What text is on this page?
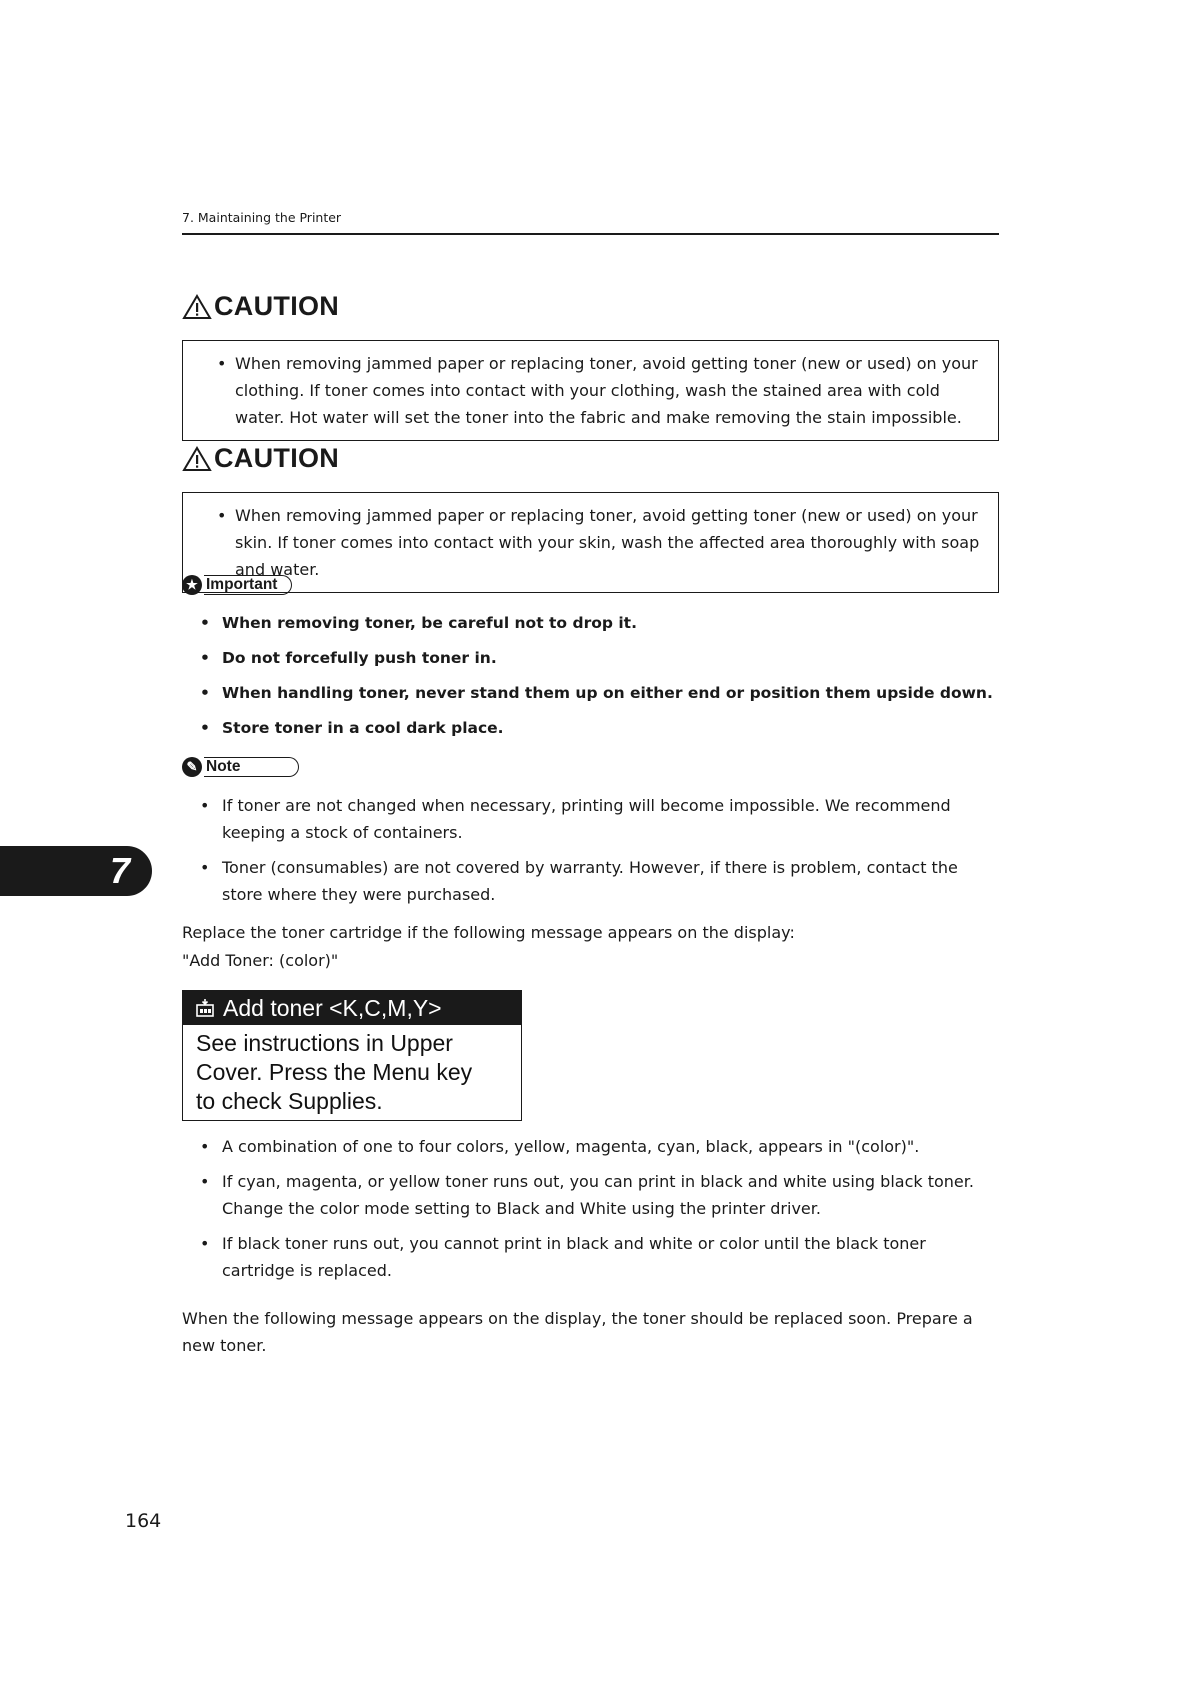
7. Maintaining the Printer
CAUTION
• When removing jammed paper or replacing toner, avoid getting toner (new or used) on your clothing. If toner comes into contact with your clothing, wash the stained area with cold water. Hot water will set the toner into the fabric and make removing the stain impossible.
CAUTION
• When removing jammed paper or replacing toner, avoid getting toner (new or used) on your skin. If toner comes into contact with your skin, wash the affected area thoroughly with soap and water.
★ Important
• When removing toner, be careful not to drop it.
• Do not forcefully push toner in.
• When handling toner, never stand them up on either end or position them upside down.
• Store toner in a cool dark place.
✎ Note
• If toner are not changed when necessary, printing will become impossible. We recommend keeping a stock of containers.
• Toner (consumables) are not covered by warranty. However, if there is problem, contact the store where they were purchased.
7

Replace the toner cartridge if the following message appears on the display:

"Add Toner: (color)"

Add toner <K,C,M,Y>
See instructions in Upper
Cover. Press the Menu key
to check Supplies.
• A combination of one to four colors, yellow, magenta, cyan, black, appears in "(color)".
• If cyan, magenta, or yellow toner runs out, you can print in black and white using black toner. Change the color mode setting to Black and White using the printer driver.
• If black toner runs out, you cannot print in black and white or color until the black toner cartridge is replaced.

When the following message appears on the display, the toner should be replaced soon. Prepare a new toner.

164
